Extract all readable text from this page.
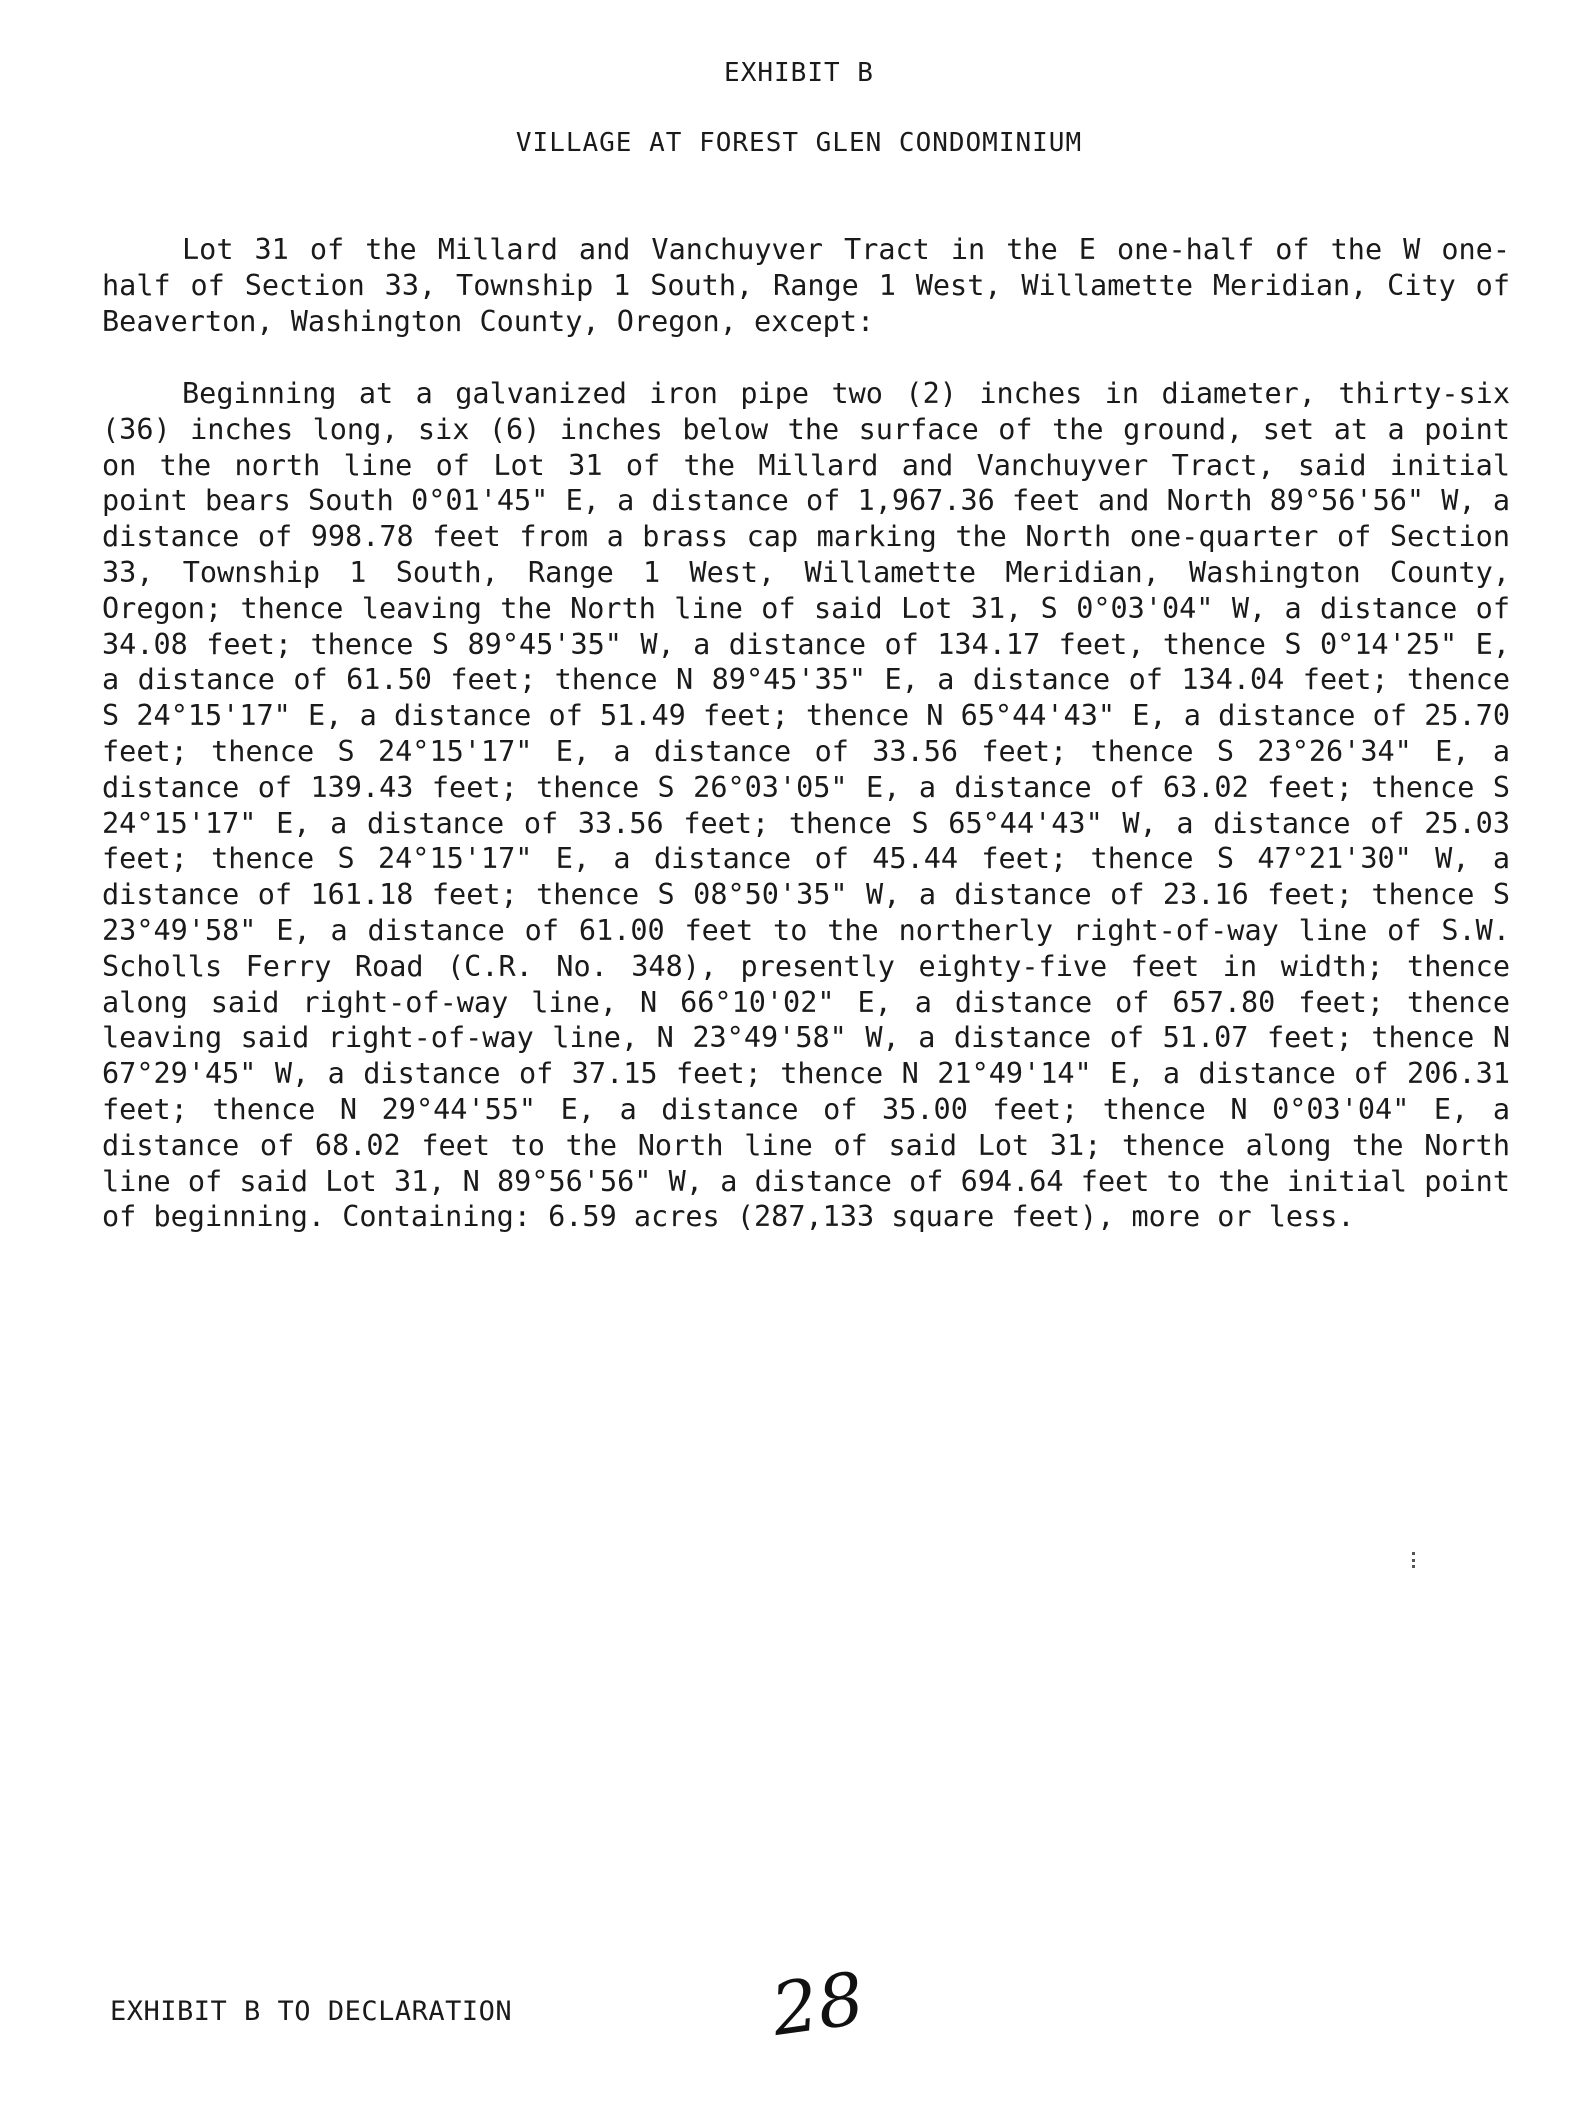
EXHIBIT B
VILLAGE AT FOREST GLEN CONDOMINIUM

Lot 31 of the Millard and Vanchuyver Tract in the E one-half of the W one-half of Section 33, Township 1 South, Range 1 West, Willamette Meridian, City of Beaverton, Washington County, Oregon, except:

Beginning at a galvanized iron pipe two (2) inches in diameter, thirty-six (36) inches long, six (6) inches below the surface of the ground, set at a point on the north line of Lot 31 of the Millard and Vanchuyver Tract, said initial point bears South 0°01'45" E, a distance of 1,967.36 feet and North 89°56'56" W, a distance of 998.78 feet from a brass cap marking the North one-quarter of Section 33, Township 1 South, Range 1 West, Willamette Meridian, Washington County, Oregon; thence leaving the North line of said Lot 31, S 0°03'04" W, a distance of 34.08 feet; thence S 89°45'35" W, a distance of 134.17 feet, thence S 0°14'25" E, a distance of 61.50 feet; thence N 89°45'35" E, a distance of 134.04 feet; thence S 24°15'17" E, a distance of 51.49 feet; thence N 65°44'43" E, a distance of 25.70 feet; thence S 24°15'17" E, a distance of 33.56 feet; thence S 23°26'34" E, a distance of 139.43 feet; thence S 26°03'05" E, a distance of 63.02 feet; thence S 24°15'17" E, a distance of 33.56 feet; thence S 65°44'43" W, a distance of 25.03 feet; thence S 24°15'17" E, a distance of 45.44 feet; thence S 47°21'30" W, a distance of 161.18 feet; thence S 08°50'35" W, a distance of 23.16 feet; thence S 23°49'58" E, a distance of 61.00 feet to the northerly right-of-way line of S.W. Scholls Ferry Road (C.R. No. 348), presently eighty-five feet in width; thence along said right-of-way line, N 66°10'02" E, a distance of 657.80 feet; thence leaving said right-of-way line, N 23°49'58" W, a distance of 51.07 feet; thence N 67°29'45" W, a distance of 37.15 feet; thence N 21°49'14" E, a distance of 206.31 feet; thence N 29°44'55" E, a distance of 35.00 feet; thence N 0°03'04" E, a distance of 68.02 feet to the North line of said Lot 31; thence along the North line of said Lot 31, N 89°56'56" W, a distance of 694.64 feet to the initial point of beginning. Containing: 6.59 acres (287,133 square feet), more or less.

EXHIBIT B TO DECLARATION	28
